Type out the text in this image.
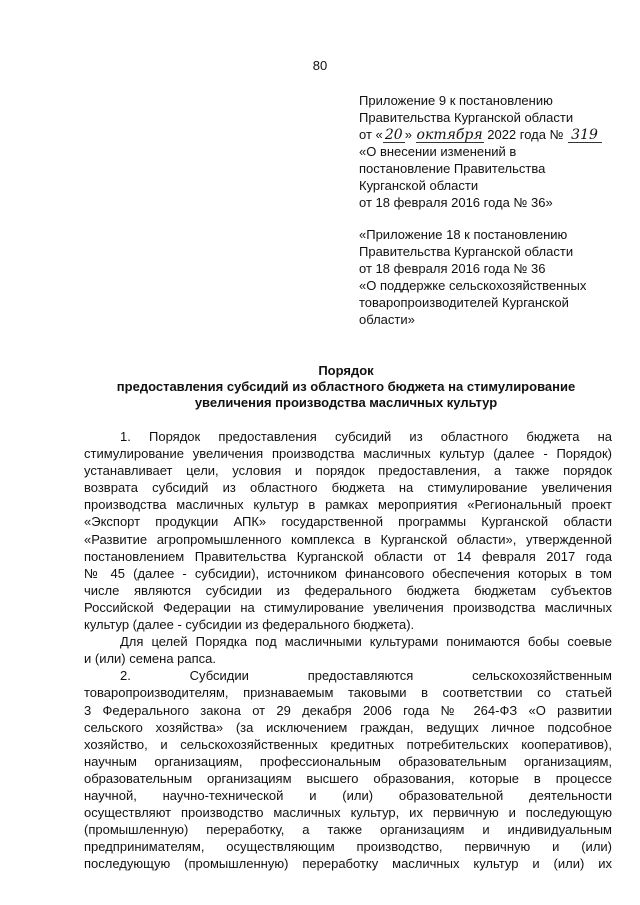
80
Приложение 9 к постановлению
Правительства Курганской области
от « 20 » октября 2022 года № 319
«О внесении изменений в
постановление Правительства
Курганской области
от 18 февраля 2016 года № 36»
«Приложение 18 к постановлению
Правительства Курганской области
от 18 февраля 2016 года № 36
«О поддержке сельскохозяйственных
товаропроизводителей Курганской
области»
Порядок
предоставления субсидий из областного бюджета на стимулирование
увеличения производства масличных культур
1. Порядок предоставления субсидий из областного бюджета на
стимулирование увеличения производства масличных культур (далее - Порядок)
устанавливает цели, условия и порядок предоставления, а также порядок
возврата субсидий из областного бюджета на стимулирование увеличения
производства масличных культур в рамках мероприятия «Региональный проект
«Экспорт продукции АПК» государственной программы Курганской области
«Развитие агропромышленного комплекса в Курганской области», утвержденной
постановлением Правительства Курганской области от 14 февраля 2017 года
№ 45 (далее - субсидии), источником финансового обеспечения которых в том
числе являются субсидии из федерального бюджета бюджетам субъектов
Российской Федерации на стимулирование увеличения производства масличных
культур (далее - субсидии из федерального бюджета).
Для целей Порядка под масличными культурами понимаются бобы соевые
и (или) семена рапса.
2. Субсидии предоставляются сельскохозяйственным
товаропроизводителям, признаваемым таковыми в соответствии со статьей
3 Федерального закона от 29 декабря 2006 года № 264-ФЗ «О развитии
сельского хозяйства» (за исключением граждан, ведущих личное подсобное
хозяйство, и сельскохозяйственных кредитных потребительских кооперативов),
научным организациям, профессиональным образовательным организациям,
образовательным организациям высшего образования, которые в процессе
научной, научно-технической и (или) образовательной деятельности
осуществляют производство масличных культур, их первичную и последующую
(промышленную) переработку, а также организациям и индивидуальным
предпринимателям, осуществляющим производство, первичную и (или)
последующую (промышленную) переработку масличных культур и (или) их
